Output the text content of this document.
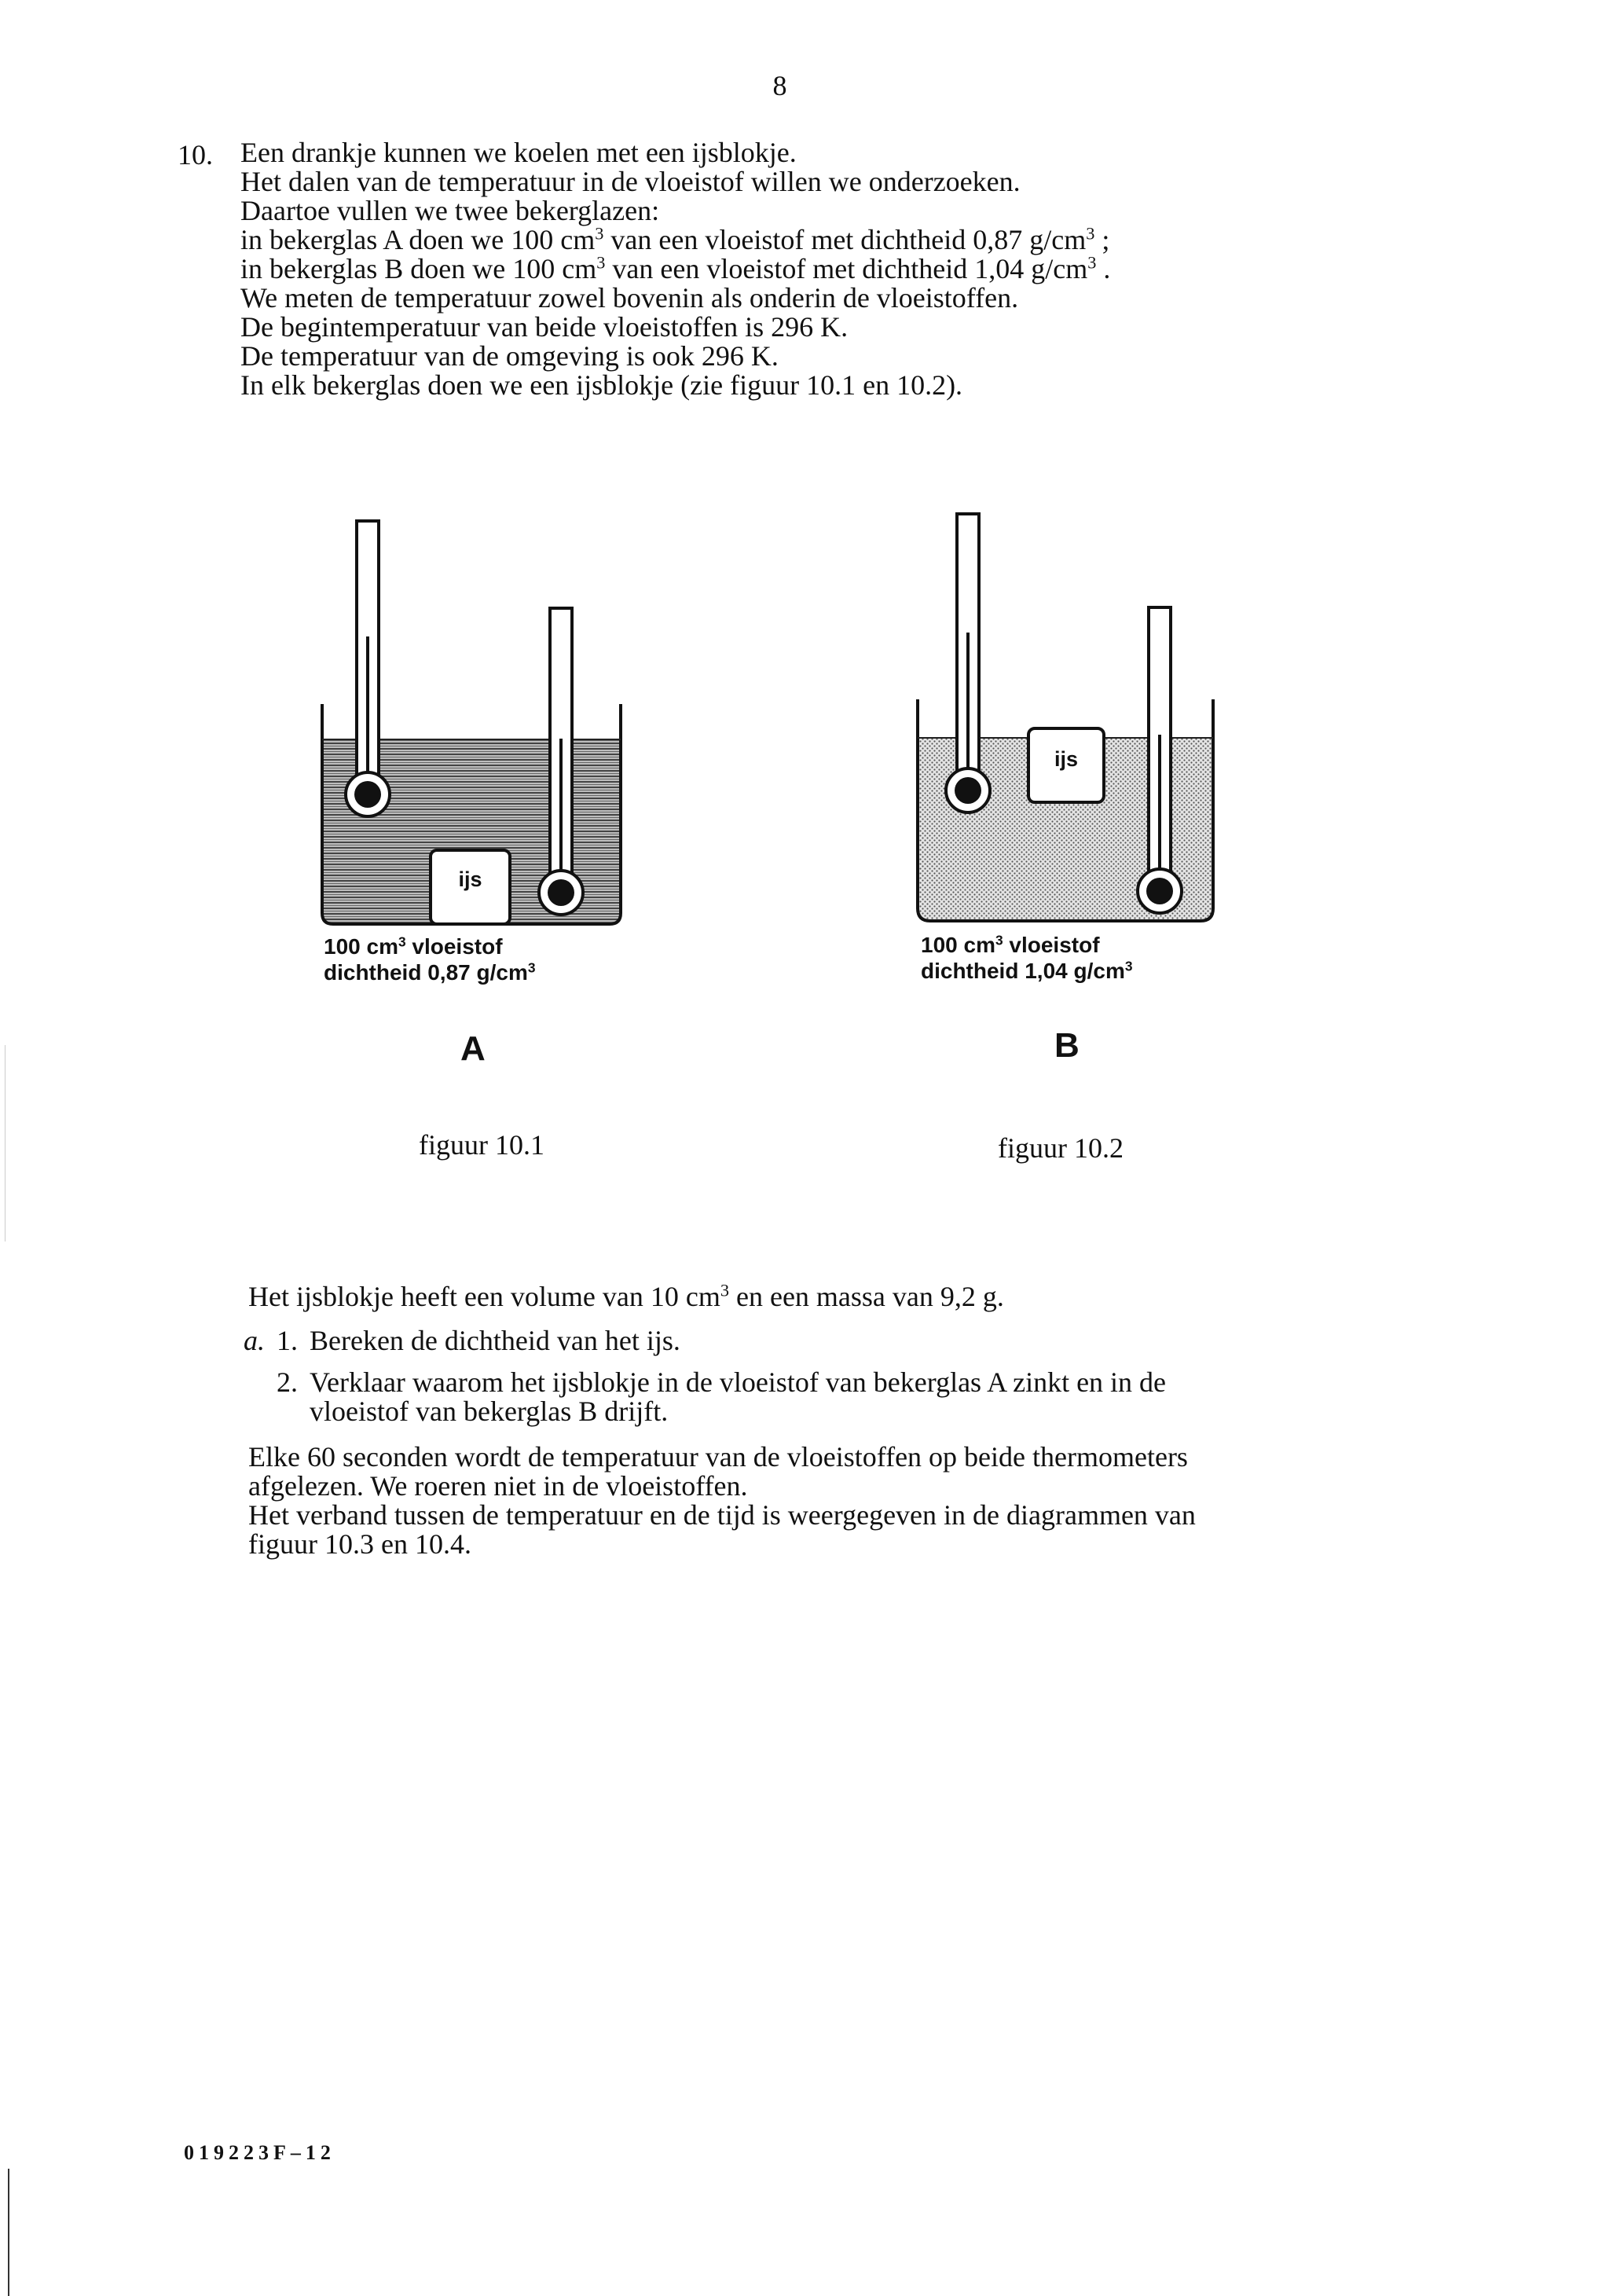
8
10. Een drankje kunnen we koelen met een ijsblokje.
Het dalen van de temperatuur in de vloeistof willen we onderzoeken.
Daartoe vullen we twee bekerglazen:
in bekerglas A doen we 100 $cm^3$ van een vloeistof met dichtheid 0,87 $g/cm^3$ ;
in bekerglas B doen we 100 $cm^3$ van een vloeistof met dichtheid 1,04 $g/cm^3$ .
We meten de temperatuur zowel bovenin als onderin de vloeistoffen.
De begintemperatuur van beide vloeistoffen is 296 K.
De temperatuur van de omgeving is ook 296 K.
In elk bekerglas doen we een ijsblokje (zie figuur 10.1 en 10.2).
ijs
ijs
100 $cm^3$ vloeistof
dichtheid 0,87 $g/cm^3$
A
figuur 10.1
100 $cm^3$ vloeistof
dichtheid 1,04 $g/cm^3$
B
figuur 10.2
Het ijsblokje heeft een volume van 10 $cm^3$ en een massa van 9,2 g.
a. 1. Bereken de dichtheid van het ijs.
2. Verklaar waarom het ijsblokje in de vloeistof van bekerglas A zinkt en in de
vloeistof van bekerglas B drijft.
Elke 60 seconden wordt de temperatuur van de vloeistoffen op beide thermometers
afgelezen. We roeren niet in de vloeistoffen.
Het verband tussen de temperatuur en de tijd is weergegeven in de diagrammen van
figuur 10.3 en 10.4.
019223F–12
